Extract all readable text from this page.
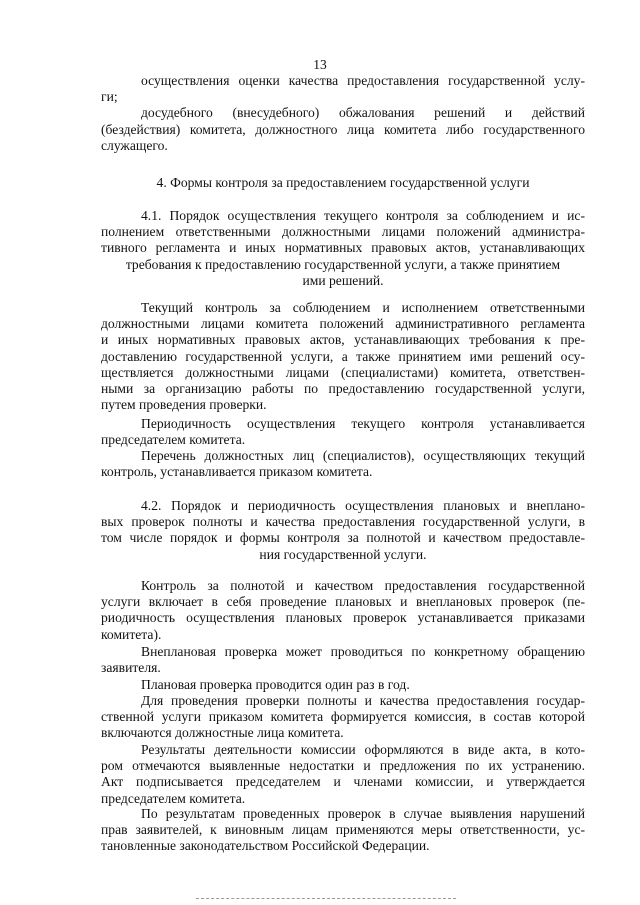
13
осуществления оценки качества предоставления государственной услу-
ги;
досудебного (внесудебного) обжалования решений и действий
(бездействия) комитета, должностного лица комитета либо государственного
служащего.
4. Формы контроля за предоставлением государственной услуги
4.1. Порядок осуществления текущего контроля за соблюдением и ис-
полнением ответственными должностными лицами положений администра-
тивного регламента и иных нормативных правовых актов, устанавливающих
требования к предоставлению государственной услуги, а также принятием
ими решений.
Текущий контроль за соблюдением и исполнением ответственными
должностными лицами комитета положений административного регламента
и иных нормативных правовых актов, устанавливающих требования к пре-
доставлению государственной услуги, а также принятием ими решений осу-
ществляется должностными лицами (специалистами) комитета, ответствен-
ными за организацию работы по предоставлению государственной услуги,
путем проведения проверки.
Периодичность осуществления текущего контроля устанавливается
председателем комитета.
Перечень должностных лиц (специалистов), осуществляющих текущий
контроль, устанавливается приказом комитета.
4.2. Порядок и периодичность осуществления плановых и внеплано-
вых проверок полноты и качества предоставления государственной услуги, в
том числе порядок и формы контроля за полнотой и качеством предоставле-
ния государственной услуги.
Контроль за полнотой и качеством предоставления государственной
услуги включает в себя проведение плановых и внеплановых проверок (пе-
риодичность осуществления плановых проверок устанавливается приказами
комитета).
Внеплановая проверка может проводиться по конкретному обращению
заявителя.
Плановая проверка проводится один раз в год.
Для проведения проверки полноты и качества предоставления государ-
ственной услуги приказом комитета формируется комиссия, в состав которой
включаются должностные лица комитета.
Результаты деятельности комиссии оформляются в виде акта, в кото-
ром отмечаются выявленные недостатки и предложения по их устранению.
Акт подписывается председателем и членами комиссии, и утверждается
председателем комитета.
По результатам проведенных проверок в случае выявления нарушений
прав заявителей, к виновным лицам применяются меры ответственности, ус-
тановленные законодательством Российской Федерации.
